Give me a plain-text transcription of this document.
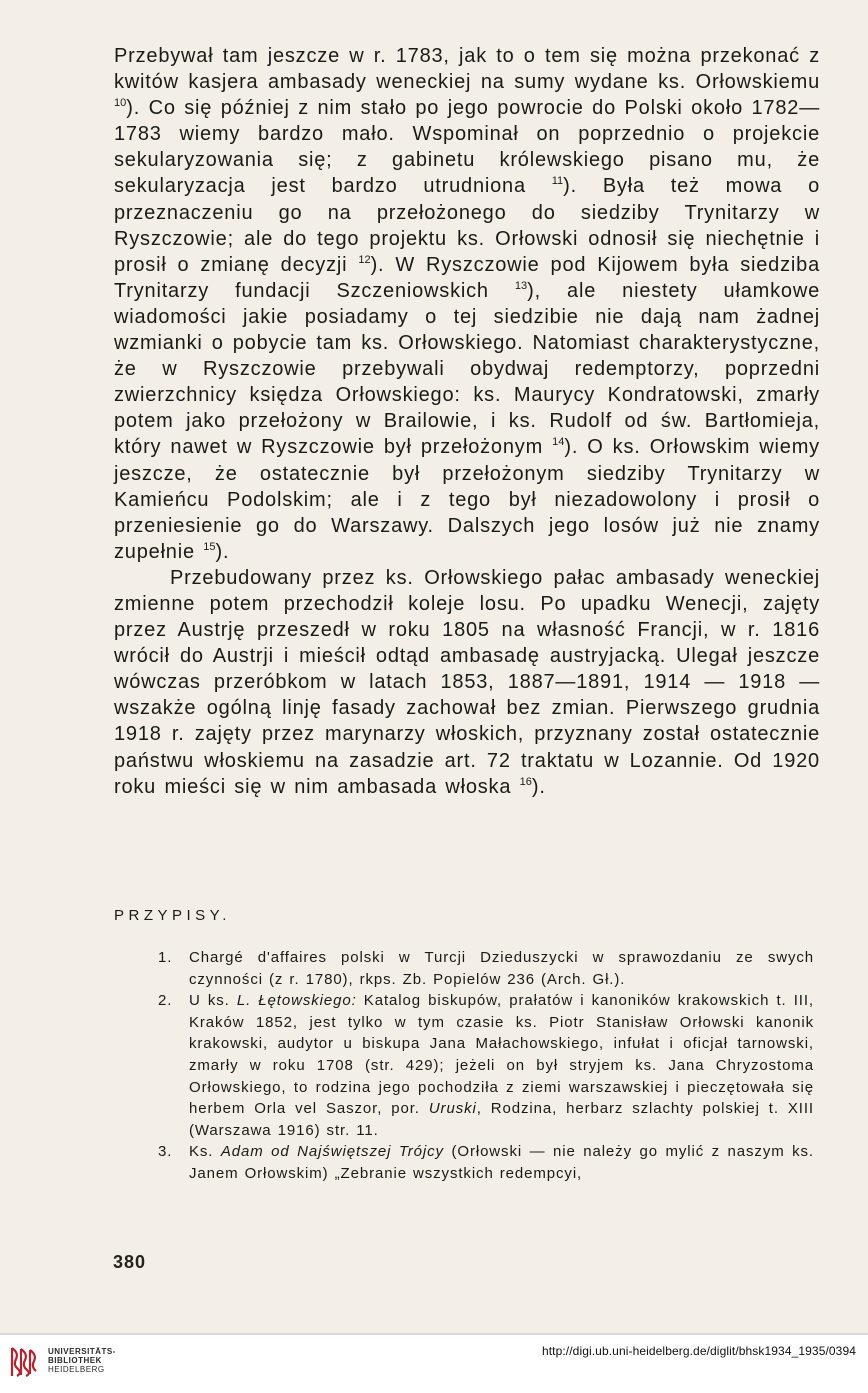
Przebywał tam jeszcze w r. 1783, jak to o tem się można przekonać z kwitów kasjera ambasady weneckiej na sumy wydane ks. Orłowskiemu $^{10}$). Co się później z nim stało po jego powrocie do Polski około 1782—1783 wiemy bardzo mało. Wspominał on poprzednio o projekcie sekularyzowania się; z gabinetu królewskiego pisano mu, że sekularyzacja jest bardzo utrudniona $^{11}$). Była też mowa o przeznaczeniu go na przełożonego do siedziby Trynitarzy w Ryszczowie; ale do tego projektu ks. Orłowski odnosił się niechętnie i prosił o zmianę decyzji $^{12}$). W Ryszczowie pod Kijowem była siedziba Trynitarzy fundacji Szczeniowskich $^{13}$), ale niestety ułamkowe wiadomości jakie posiadamy o tej siedzibie nie dają nam żadnej wzmianki o pobycie tam ks. Orłowskiego. Natomiast charakterystyczne, że w Ryszczowie przebywali obydwaj redemptorzy, poprzedni zwierzchnicy księdza Orłowskiego: ks. Maurycy Kondratowski, zmarły potem jako przełożony w Brailowie, i ks. Rudolf od św. Bartłomieja, który nawet w Ryszczowie był przełożonym $^{14}$). O ks. Orłowskim wiemy jeszcze, że ostatecznie był przełożonym siedziby Trynitarzy w Kamieńcu Podolskim; ale i z tego był niezadowolony i prosił o przeniesienie go do Warszawy. Dalszych jego losów już nie znamy zupełnie $^{15}$).

Przebudowany przez ks. Orłowskiego pałac ambasady weneckiej zmienne potem przechodził koleje losu. Po upadku Wenecji, zajęty przez Austrję przeszedł w roku 1805 na własność Francji, w r. 1816 wrócił do Austrji i mieścił odtąd ambasadę austryjacką. Ulegał jeszcze wówczas przeróbkom w latach 1853, 1887—1891, 1914 — 1918 — wszakże ogólną linję fasady zachował bez zmian. Pierwszego grudnia 1918 r. zajęty przez marynarzy włoskich, przyznany został ostatecznie państwu włoskiemu na zasadzie art. 72 traktatu w Lozannie. Od 1920 roku mieści się w nim ambasada włoska $^{16}$).

PRZYPISY.
1. Chargé d'affaires polski w Turcji Dzieduszycki w sprawozdaniu ze swych czynności (z r. 1780), rkps. Zb. Popielów 236 (Arch. Gł.).
2. U ks. L. Łętowskiego: Katalog biskupów, prałatów i kanoników krakowskich t. III, Kraków 1852, jest tylko w tym czasie ks. Piotr Stanisław Orłowski kanonik krakowski, audytor u biskupa Jana Małachowskiego, infułat i oficjał tarnowski, zmarły w roku 1708 (str. 429); jeżeli on był stryjem ks. Jana Chryzostoma Orłowskiego, to rodzina jego pochodziła z ziemi warszawskiej i pieczętowała się herbem Orla vel Saszor, por. Uruski, Rodzina, herbarz szlachty polskiej t. XIII (Warszawa 1916) str. 11.
3. Ks. Adam od Najświętszej Trójcy (Orłowski — nie należy go mylić z naszym ks. Janem Orłowskim) „Zebranie wszystkich redempcyi,
380
UNIVERSITÄTS-
BIBLIOTHEK
HEIDELBERG
http://digi.ub.uni-heidelberg.de/diglit/bhsk1934_1935/0394
